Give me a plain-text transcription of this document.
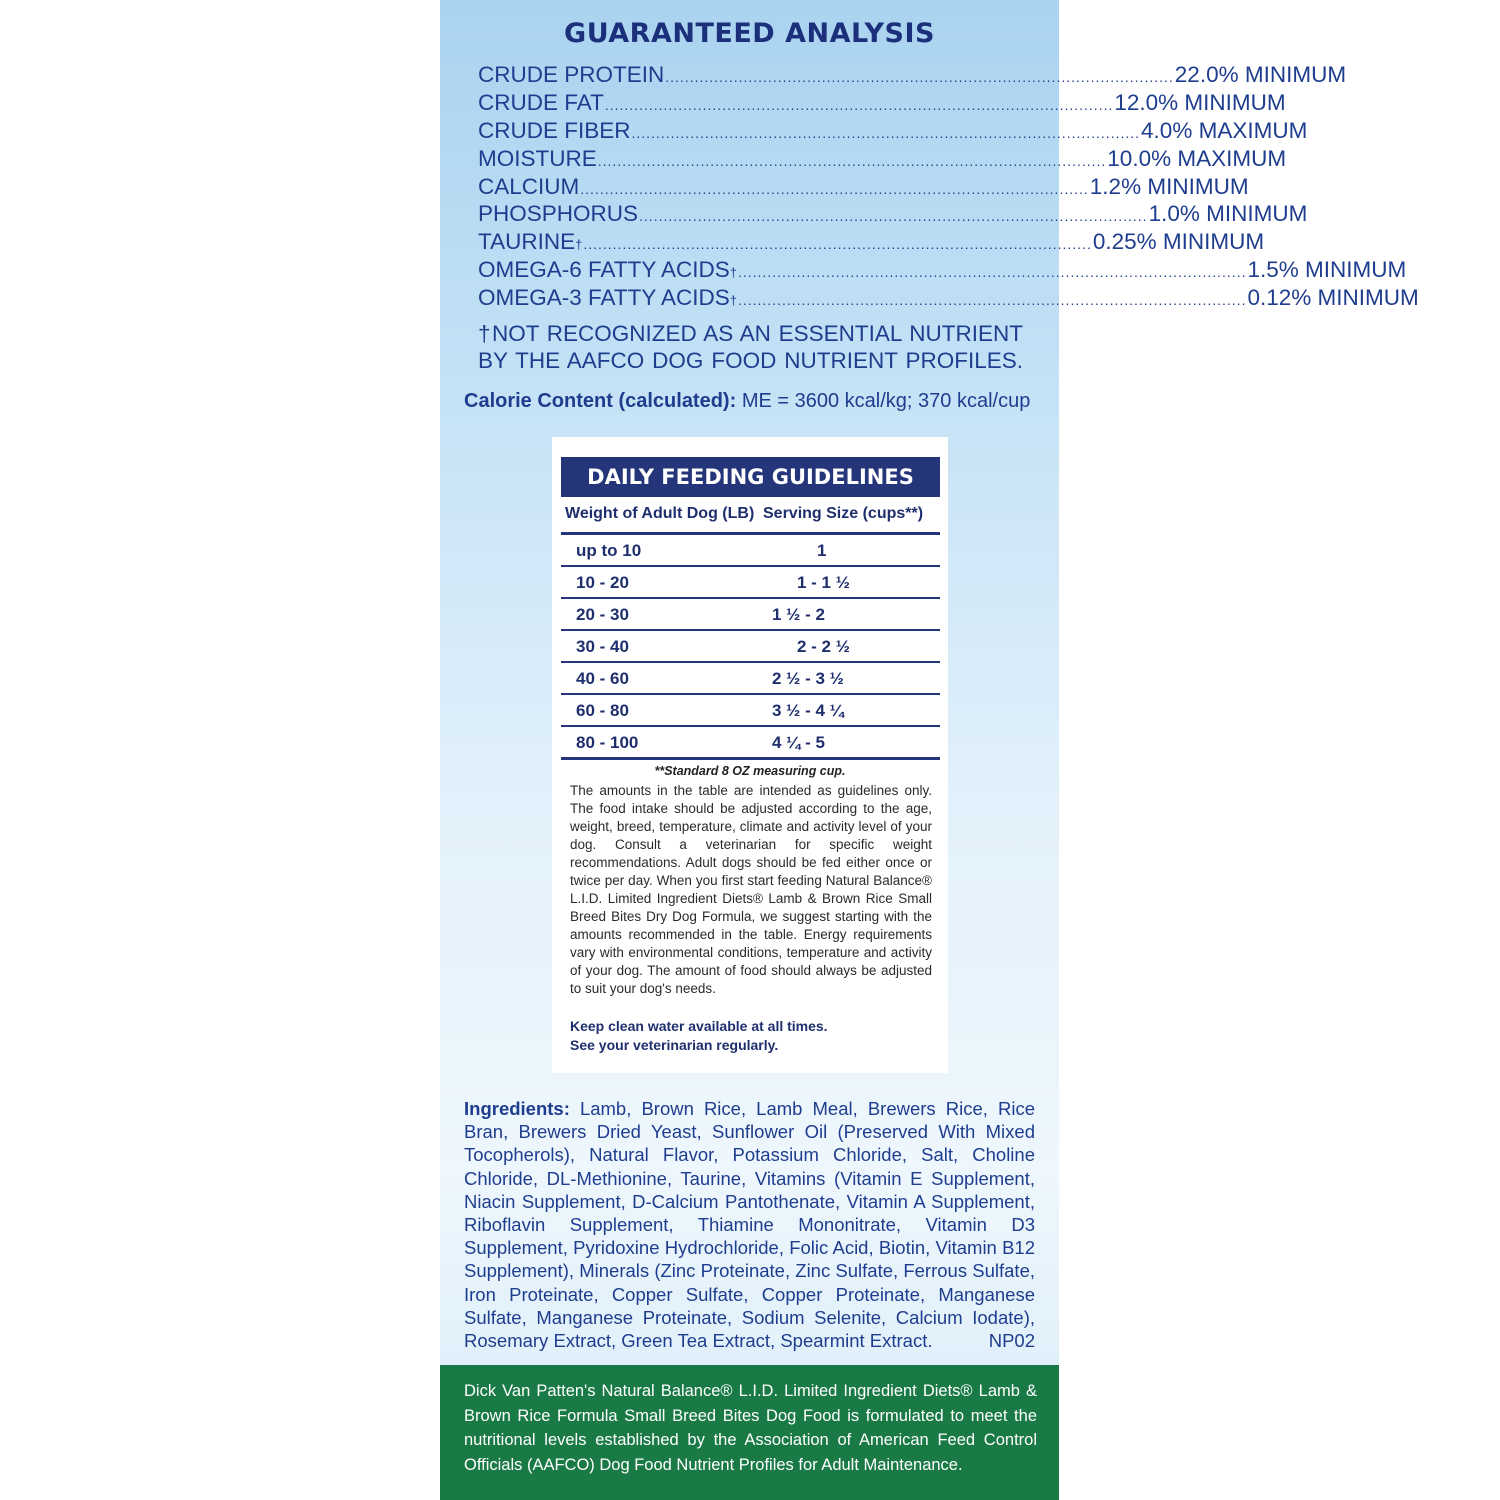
GUARANTEED ANALYSIS
CRUDE PROTEIN ........................................................................................................ 22.0% MINIMUM
CRUDE FAT ........................................................................................................ 12.0% MINIMUM
CRUDE FIBER ........................................................................................................ 4.0% MAXIMUM
MOISTURE ........................................................................................................ 10.0% MAXIMUM
CALCIUM ........................................................................................................ 1.2% MINIMUM
PHOSPHORUS ........................................................................................................ 1.0% MINIMUM
TAURINE † ........................................................................................................ 0.25% MINIMUM
OMEGA-6 FATTY ACIDS † ........................................................................................................ 1.5% MINIMUM
OMEGA-3 FATTY ACIDS † ........................................................................................................ 0.12% MINIMUM
†NOT RECOGNIZED AS AN ESSENTIAL NUTRIENT BY THE AAFCO DOG FOOD NUTRIENT PROFILES.
Calorie Content (calculated): ME = 3600 kcal/kg; 370 kcal/cup
DAILY FEEDING GUIDELINES
Weight of Adult Dog (LB) Serving Size (cups**)
up to 10	1
10 - 20	1 - 1 ½
20 - 30	1 ½ - 2
30 - 40	2 - 2 ½
40 - 60	2 ½ - 3 ½
60 - 80	3 ½ - 4 ¼
80 - 100	4 ¼ - 5
**Standard 8 OZ measuring cup.
The amounts in the table are intended as guidelines only. The food intake should be adjusted according to the age, weight, breed, temperature, climate and activity level of your dog. Consult a veterinarian for specific weight recommendations. Adult dogs should be fed either once or twice per day. When you first start feeding Natural Balance® L.I.D. Limited Ingredient Diets® Lamb & Brown Rice Small Breed Bites Dry Dog Formula, we suggest starting with the amounts recommended in the table. Energy requirements vary with environmental conditions, temperature and activity of your dog. The amount of food should always be adjusted to suit your dog's needs.
Keep clean water available at all times.
See your veterinarian regularly.
Ingredients: Lamb, Brown Rice, Lamb Meal, Brewers Rice, Rice Bran, Brewers Dried Yeast, Sunflower Oil (Preserved With Mixed Tocopherols), Natural Flavor, Potassium Chloride, Salt, Choline Chloride, DL-Methionine, Taurine, Vitamins (Vitamin E Supplement, Niacin Supplement, D-Calcium Pantothenate, Vitamin A Supplement, Riboflavin Supplement, Thiamine Mononitrate, Vitamin D3 Supplement, Pyridoxine Hydrochloride, Folic Acid, Biotin, Vitamin B12 Supplement), Minerals (Zinc Proteinate, Zinc Sulfate, Ferrous Sulfate, Iron Proteinate, Copper Sulfate, Copper Proteinate, Manganese Sulfate, Manganese Proteinate, Sodium Selenite, Calcium Iodate), Rosemary Extract, Green Tea Extract, Spearmint Extract.	NP02
Dick Van Patten's Natural Balance® L.I.D. Limited Ingredient Diets® Lamb & Brown Rice Formula Small Breed Bites Dog Food is formulated to meet the nutritional levels established by the Association of American Feed Control Officials (AAFCO) Dog Food Nutrient Profiles for Adult Maintenance.
